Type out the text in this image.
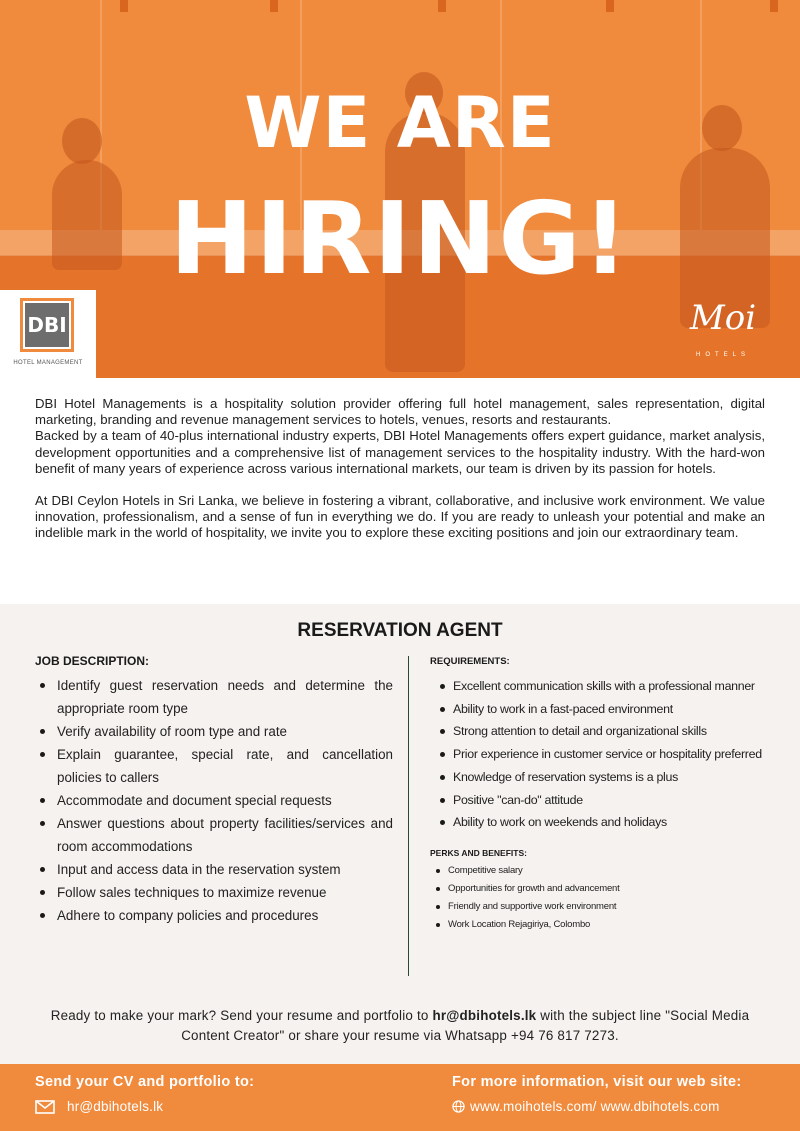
WE ARE
HIRING!
DBI
HOTEL MANAGEMENT
Moi
HOTELS

DBI Hotel Managements is a hospitality solution provider offering full hotel management, sales representation, digital marketing, branding and revenue management services to hotels, venues, resorts and restaurants.

Backed by a team of 40-plus international industry experts, DBI Hotel Managements offers expert guidance, market analysis, development opportunities and a comprehensive list of management services to the hospitality industry. With the hard-won benefit of many years of experience across various international markets, our team is driven by its passion for hotels.

At DBI Ceylon Hotels in Sri Lanka, we believe in fostering a vibrant, collaborative, and inclusive work environment. We value innovation, professionalism, and a sense of fun in everything we do. If you are ready to unleash your potential and make an indelible mark in the world of hospitality, we invite you to explore these exciting positions and join our extraordinary team.

RESERVATION AGENT
JOB DESCRIPTION:
Identify guest reservation needs and determine the appropriate room type
Verify availability of room type and rate
Explain guarantee, special rate, and cancellation policies to callers
Accommodate and document special requests
Answer questions about property facilities/services and room accommodations
Input and access data in the reservation system
Follow sales techniques to maximize revenue
Adhere to company policies and procedures
REQUIREMENTS:
Excellent communication skills with a professional manner
Ability to work in a fast-paced environment
Strong attention to detail and organizational skills
Prior experience in customer service or hospitality preferred
Knowledge of reservation systems is a plus
Positive "can-do" attitude
Ability to work on weekends and holidays
PERKS AND BENEFITS:
Competitive salary
Opportunities for growth and advancement
Friendly and supportive work environment
Work Location Rejagiriya, Colombo
Ready to make your mark? Send your resume and portfolio to hr@dbihotels.lk with the subject line "Social Media Content Creator" or share your resume via Whatsapp +94 76 817 7273.
Send your CV and portfolio to:
hr@dbihotels.lk
For more information, visit our web site:
www.moihotels.com/ www.dbihotels.com
